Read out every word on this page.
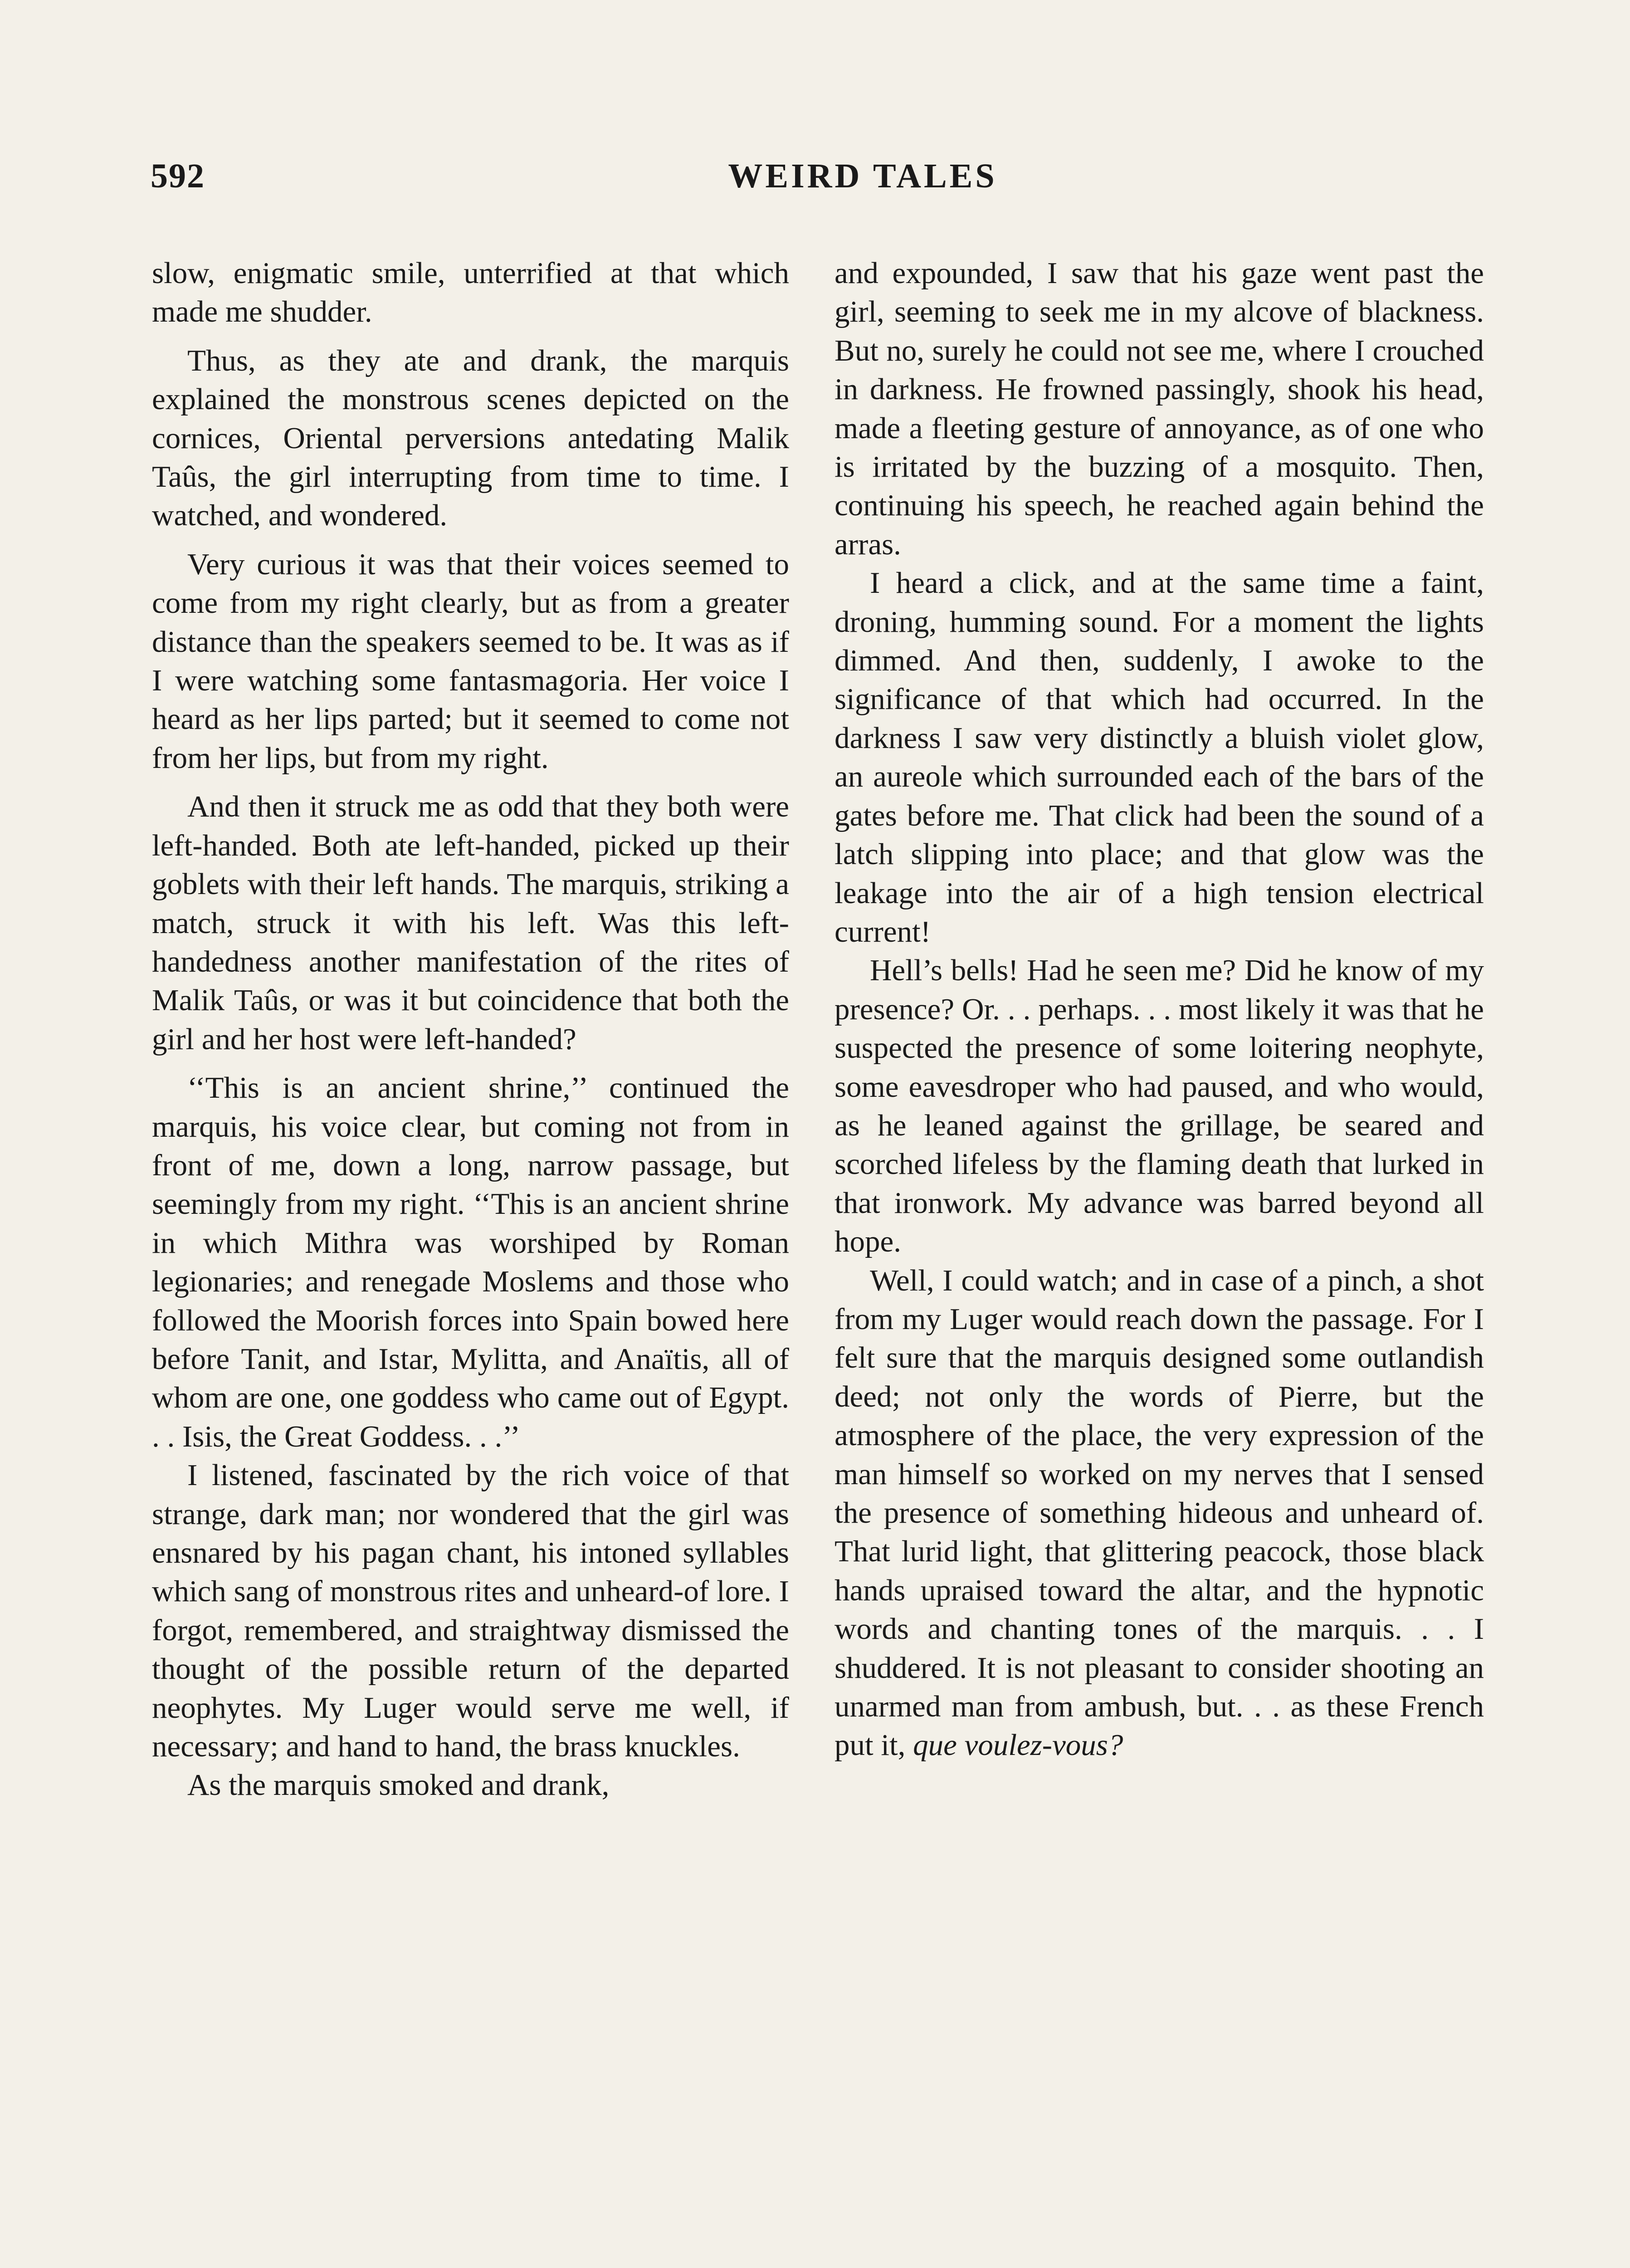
592	WEIRD TALES

slow, enigmatic smile, unterrified at that which made me shudder.

Thus, as they ate and drank, the marquis explained the monstrous scenes depicted on the cornices, Oriental perversions antedating Malik Taûs, the girl interrupting from time to time. I watched, and wondered.

Very curious it was that their voices seemed to come from my right clearly, but as from a greater distance than the speakers seemed to be. It was as if I were watching some fantasmagoria. Her voice I heard as her lips parted; but it seemed to come not from her lips, but from my right.

And then it struck me as odd that they both were left-handed. Both ate left-handed, picked up their goblets with their left hands. The marquis, striking a match, struck it with his left. Was this left-handedness another manifestation of the rites of Malik Taûs, or was it but coincidence that both the girl and her host were left-handed?

‘‘This is an ancient shrine,’’ continued the marquis, his voice clear, but coming not from in front of me, down a long, narrow passage, but seemingly from my right. ‘‘This is an ancient shrine in which Mithra was worshiped by Roman legionaries; and renegade Moslems and those who followed the Moorish forces into Spain bowed here before Tanit, and Istar, Mylitta, and Anaïtis, all of whom are one, one goddess who came out of Egypt. . . Isis, the Great Goddess. . .’’

I listened, fascinated by the rich voice of that strange, dark man; nor wondered that the girl was ensnared by his pagan chant, his intoned syllables which sang of monstrous rites and unheard-of lore. I forgot, remembered, and straightway dismissed the thought of the possible return of the departed neophytes. My Luger would serve me well, if necessary; and hand to hand, the brass knuckles.

As the marquis smoked and drank,

and expounded, I saw that his gaze went past the girl, seeming to seek me in my alcove of blackness. But no, surely he could not see me, where I crouched in darkness. He frowned passingly, shook his head, made a fleeting gesture of annoyance, as of one who is irritated by the buzzing of a mosquito. Then, continuing his speech, he reached again behind the arras.

I heard a click, and at the same time a faint, droning, humming sound. For a moment the lights dimmed. And then, suddenly, I awoke to the significance of that which had occurred. In the darkness I saw very distinctly a bluish violet glow, an aureole which surrounded each of the bars of the gates before me. That click had been the sound of a latch slipping into place; and that glow was the leakage into the air of a high tension electrical current!

Hell’s bells! Had he seen me? Did he know of my presence? Or. . . perhaps. . . most likely it was that he suspected the presence of some loitering neophyte, some eavesdroper who had paused, and who would, as he leaned against the grillage, be seared and scorched lifeless by the flaming death that lurked in that ironwork. My advance was barred beyond all hope.

Well, I could watch; and in case of a pinch, a shot from my Luger would reach down the passage. For I felt sure that the marquis designed some outlandish deed; not only the words of Pierre, but the atmosphere of the place, the very expression of the man himself so worked on my nerves that I sensed the presence of something hideous and unheard of. That lurid light, that glittering peacock, those black hands upraised toward the altar, and the hypnotic words and chanting tones of the marquis. . . I shuddered. It is not pleasant to consider shooting an unarmed man from ambush, but. . . as these French put it, que voulez-vous?
